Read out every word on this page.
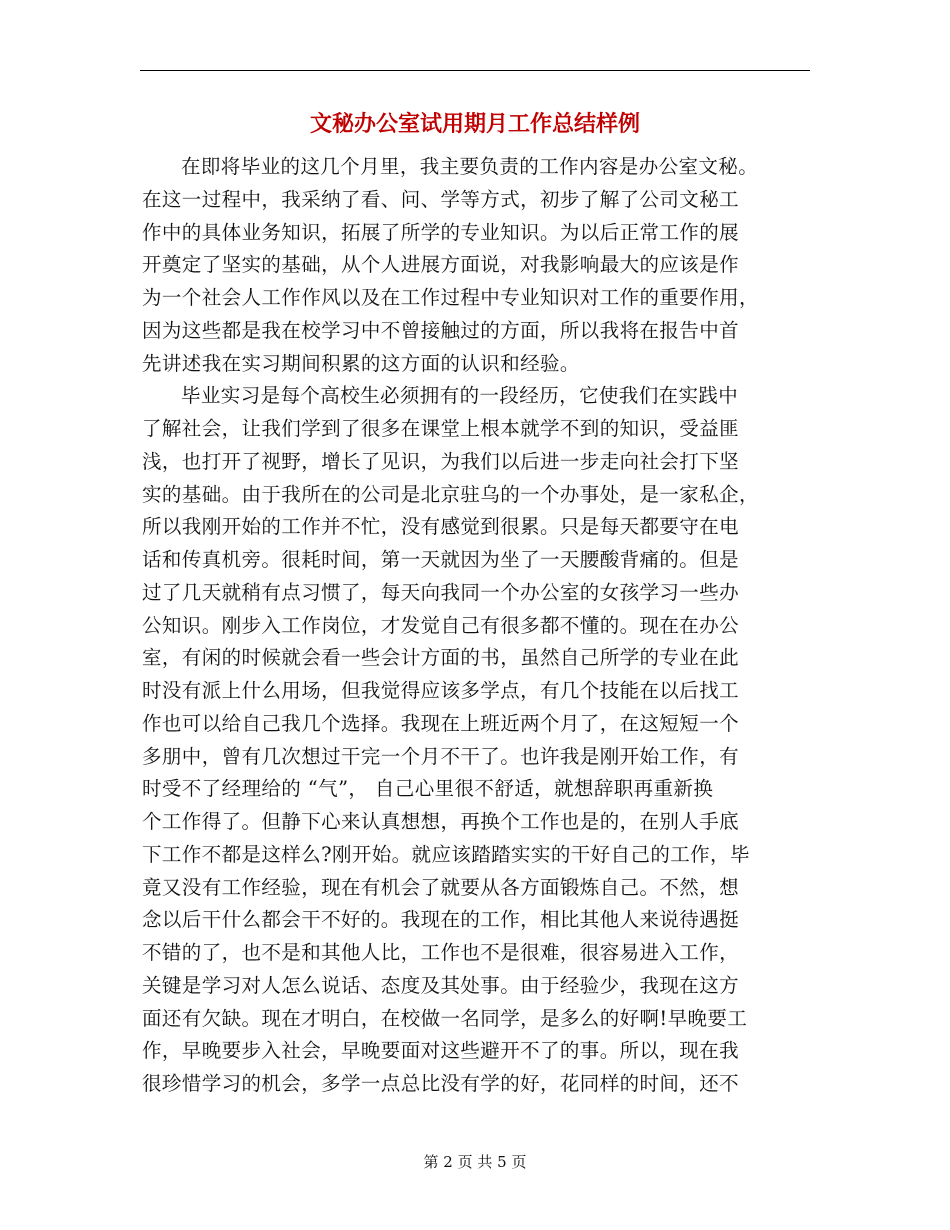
文秘办公室试用期月工作总结样例
在即将毕业的这几个月里，我主要负责的工作内容是办公室文秘。
在这一过程中，我采纳了看、问、学等方式，初步了解了公司文秘工
作中的具体业务知识，拓展了所学的专业知识。为以后正常工作的展
开奠定了坚实的基础，从个人进展方面说，对我影响最大的应该是作
为一个社会人工作作风以及在工作过程中专业知识对工作的重要作用，
因为这些都是我在校学习中不曾接触过的方面，所以我将在报告中首
先讲述我在实习期间积累的这方面的认识和经验。
毕业实习是每个高校生必须拥有的一段经历，它使我们在实践中
了解社会，让我们学到了很多在课堂上根本就学不到的知识，受益匪
浅，也打开了视野，增长了见识，为我们以后进一步走向社会打下坚
实的基础。由于我所在的公司是北京驻乌的一个办事处，是一家私企，
所以我刚开始的工作并不忙，没有感觉到很累。只是每天都要守在电
话和传真机旁。很耗时间，第一天就因为坐了一天腰酸背痛的。但是
过了几天就稍有点习惯了，每天向我同一个办公室的女孩学习一些办
公知识。刚步入工作岗位，才发觉自己有很多都不懂的。现在在办公
室，有闲的时候就会看一些会计方面的书，虽然自己所学的专业在此
时没有派上什么用场，但我觉得应该多学点，有几个技能在以后找工
作也可以给自己我几个选择。我现在上班近两个月了，在这短短一个
多朋中，曾有几次想过干完一个月不干了。也许我是刚开始工作，有
时受不了经理给的 “气”， 自己心里很不舒适，就想辞职再重新换
个工作得了。但静下心来认真想想，再换个工作也是的，在别人手底
下工作不都是这样么?刚开始。就应该踏踏实实的干好自己的工作，毕
竟又没有工作经验，现在有机会了就要从各方面锻炼自己。不然，想
念以后干什么都会干不好的。我现在的工作，相比其他人来说待遇挺
不错的了，也不是和其他人比，工作也不是很难，很容易进入工作，
关键是学习对人怎么说话、态度及其处事。由于经验少，我现在这方
面还有欠缺。现在才明白，在校做一名同学，是多么的好啊!早晚要工
作，早晚要步入社会，早晚要面对这些避开不了的事。所以，现在我
很珍惜学习的机会，多学一点总比没有学的好，花同样的时间，还不
第 2 页 共 5 页
